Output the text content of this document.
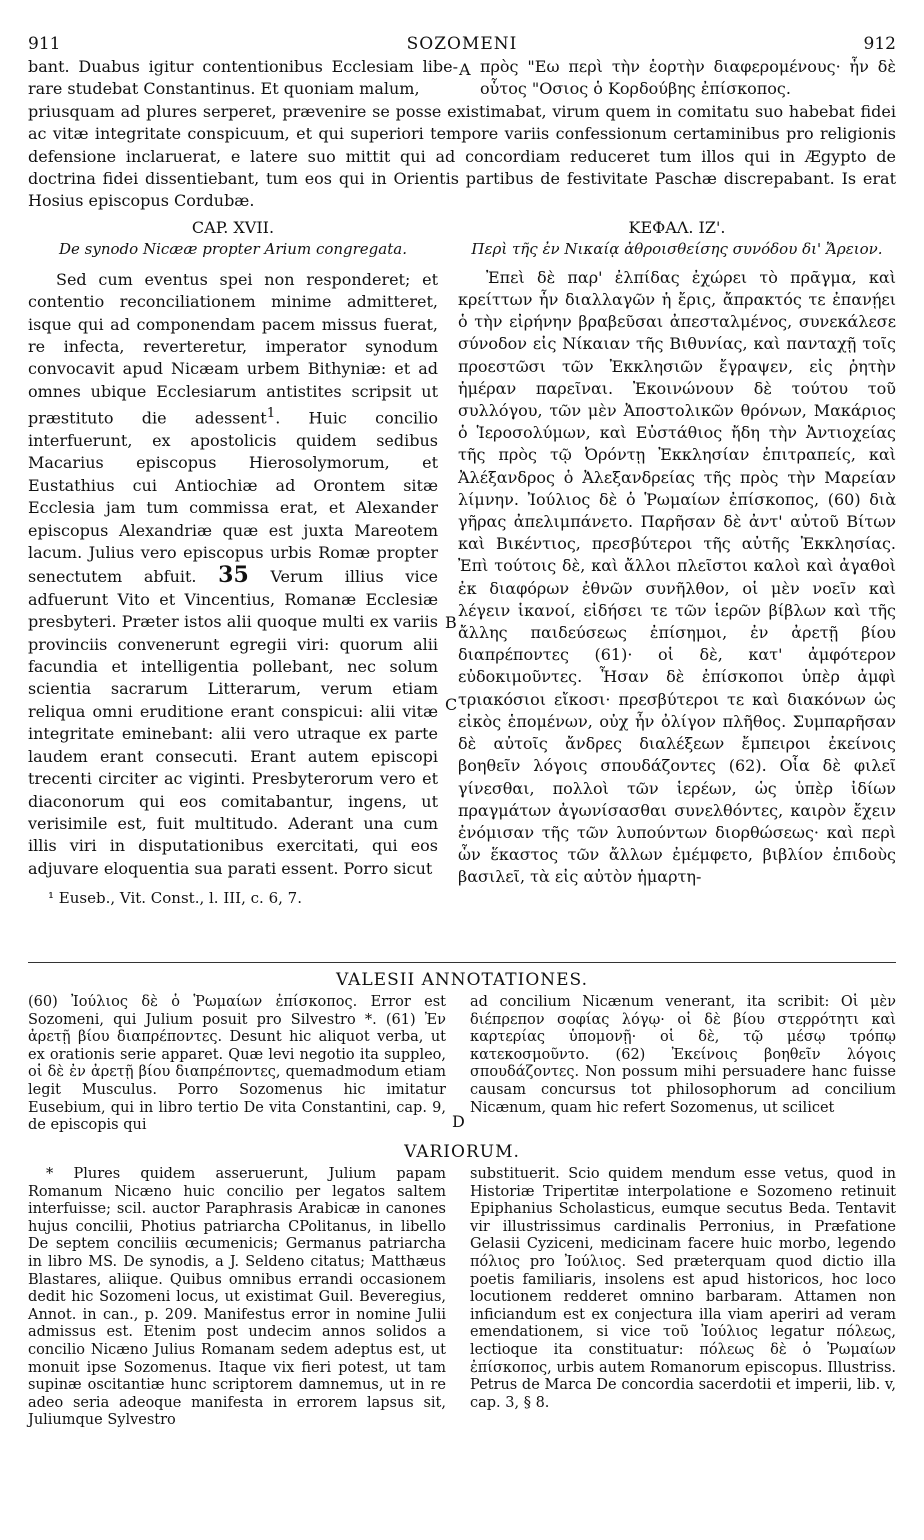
911	SOZOMENI	912

bant. Duabus igitur contentionibus Ecclesiam libe-rare studebat Constantinus. Et quoniam malum,

A πρὸς "Εω περὶ τὴν ἑορτὴν διαφερομένους· ἦν δὲ οὗτος "Οσιος ὁ Κορδούβης ἐπίσκοπος.

priusquam ad plures serperet, prævenire se posse existimabat, virum quem in comitatu suo habebat fidei ac vitæ integritate conspicuum, et qui superiori tempore variis confessionum certaminibus pro religionis defensione inclaruerat, e latere suo mittit qui ad concordiam reduceret tum illos qui in Ægypto de doctrina fidei dissentiebant, tum eos qui in Orientis partibus de festivitate Paschæ discrepabant. Is erat Hosius episcopus Cordubæ.

CAP. XVII.
De synodo Nicææ propter Arium congregata.

Sed cum eventus spei non responderet; et contentio reconciliationem minime admitteret, isque qui ad componendam pacem missus fuerat, re infecta, reverteretur, imperator synodum convocavit apud Nicæam urbem Bithyniæ: et ad omnes ubique Ecclesiarum antistites scripsit ut præstituto die adessent$^1$. Huic concilio interfuerunt, ex apostolicis quidem sedibus Macarius episcopus Hierosolymorum, et Eustathius cui Antiochiæ ad Orontem sitæ Ecclesia jam tum commissa erat, et Alexander episcopus Alexandriæ quæ est juxta Mareotem lacum. Julius vero episcopus urbis Romæ propter senectutem abfuit. 35 Verum illius vice adfuerunt Vito et Vincentius, Romanæ Ecclesiæ presbyteri. Præter istos alii quoque multi ex variis provinciis convenerunt egregii viri: quorum alii facundia et intelligentia pollebant, nec solum scientia sacrarum Litterarum, verum etiam reliqua omni eruditione erant conspicui: alii vitæ integritate eminebant: alii vero utraque ex parte laudem erant consecuti. Erant autem episcopi trecenti circiter ac viginti. Presbyterorum vero et diaconorum qui eos comitabantur, ingens, ut verisimile est, fuit multitudo. Aderant una cum illis viri in disputationibus exercitati, qui eos adjuvare eloquentia sua parati essent. Porro sicut

¹ Euseb., Vit. Const., l. III, c. 6, 7.

B
C
ΚΕΦΑΛ. ΙΖ'.
Περὶ τῆς ἐν Νικαίᾳ ἀθροισθείσης συνόδου δι' Ἄρειον.

Ἐπεὶ δὲ παρ' ἐλπίδας ἐχώρει τὸ πρᾶγμα, καὶ κρείττων ἦν διαλλαγῶν ἡ ἔρις, ἄπρακτός τε ἐπανῄει ὁ τὴν εἰρήνην βραβεῦσαι ἀπεσταλμένος, συνεκάλεσε σύνοδον εἰς Νίκαιαν τῆς Βιθυνίας, καὶ πανταχῇ τοῖς προεστῶσι τῶν Ἐκκλησιῶν ἔγραψεν, εἰς ῥητὴν ἡμέραν παρεῖναι. Ἐκοινώνουν δὲ τούτου τοῦ συλλόγου, τῶν μὲν Ἀποστολικῶν θρόνων, Μακάριος ὁ Ἱεροσολύμων, καὶ Εὐστάθιος ἤδη τὴν Ἀντιοχείας τῆς πρὸς τῷ Ὀρόντῃ Ἐκκλησίαν ἐπιτραπείς, καὶ Ἀλέξανδρος ὁ Ἀλεξανδρείας τῆς πρὸς τὴν Μαρείαν λίμνην. Ἰούλιος δὲ ὁ Ῥωμαίων ἐπίσκοπος, (60) διὰ γῆρας ἀπελιμπάνετο. Παρῆσαν δὲ ἀντ' αὐτοῦ Βίτων καὶ Βικέντιος, πρεσβύτεροι τῆς αὐτῆς Ἐκκλησίας. Ἐπὶ τούτοις δὲ, καὶ ἄλλοι πλεῖστοι καλοὶ καὶ ἀγαθοὶ ἐκ διαφόρων ἐθνῶν συνῆλθον, οἱ μὲν νοεῖν καὶ λέγειν ἱκανοί, εἰδήσει τε τῶν ἱερῶν βίβλων καὶ τῆς ἄλλης παιδεύσεως ἐπίσημοι, ἐν ἀρετῇ βίου διαπρέποντες (61)· οἱ δὲ, κατ' ἀμφότερον εὐδοκιμοῦντες. Ἦσαν δὲ ἐπίσκοποι ὑπὲρ ἀμφὶ τριακόσιοι εἴκοσι· πρεσβύτεροι τε καὶ διακόνων ὡς εἰκὸς ἑπομένων, οὐχ ἦν ὀλίγον πλῆθος. Συμπαρῆσαν δὲ αὐτοῖς ἄνδρες διαλέξεων ἔμπειροι ἐκείνοις βοηθεῖν λόγοις σπουδάζοντες (62). Οἷα δὲ φιλεῖ γίνεσθαι, πολλοὶ τῶν ἱερέων, ὡς ὑπὲρ ἰδίων πραγμάτων ἀγωνίσασθαι συνελθόντες, καιρὸν ἔχειν ἐνόμισαν τῆς τῶν λυπούντων διορθώσεως· καὶ περὶ ὧν ἕκαστος τῶν ἄλλων ἐμέμφετο, βιβλίον ἐπιδοὺς βασιλεῖ, τὰ εἰς αὐτὸν ἡμαρτη-

VALESII ANNOTATIONES.

(60) Ἰούλιος δὲ ὁ Ῥωμαίων ἐπίσκοπος. Error est Sozomeni, qui Julium posuit pro Silvestro *. (61) Ἐν ἀρετῇ βίου διαπρέποντες. Desunt hic aliquot verba, ut ex orationis serie apparet. Quæ levi negotio ita suppleo, οἱ δὲ ἐν ἀρετῇ βίου διαπρέποντες, quemadmodum etiam legit Musculus. Porro Sozomenus hic imitatur Eusebium, qui in libro tertio De vita Constantini, cap. 9, de episcopis qui	D

ad concilium Nicænum venerant, ita scribit: Οἱ μὲν διέπρεπον σοφίας λόγῳ· οἱ δὲ βίου στερρότητι καὶ καρτερίας ὑπομονῇ· οἱ δὲ, τῷ μέσῳ τρόπῳ κατεκοσμοῦντο. (62) Ἐκείνοις βοηθεῖν λόγοις σπουδάζοντες. Non possum mihi persuadere hanc fuisse causam concursus tot philosophorum ad concilium Nicænum, quam hic refert Sozomenus, ut scilicet

VARIORUM.

* Plures quidem asseruerunt, Julium papam Romanum Nicæno huic concilio per legatos saltem interfuisse; scil. auctor Paraphrasis Arabicæ in canones hujus concilii, Photius patriarcha CPolitanus, in libello De septem conciliis œcumenicis; Germanus patriarcha in libro MS. De synodis, a J. Seldeno citatus; Matthæus Blastares, aliique. Quibus omnibus errandi occasionem dedit hic Sozomeni locus, ut existimat Guil. Beveregius, Annot. in can., p. 209. Manifestus error in nomine Julii admissus est. Etenim post undecim annos solidos a concilio Nicæno Julius Romanam sedem adeptus est, ut monuit ipse Sozomenus. Itaque vix fieri potest, ut tam supinæ oscitantiæ hunc scriptorem damnemus, ut in re adeo seria adeoque manifesta in errorem lapsus sit, Juliumque Sylvestro

substituerit. Scio quidem mendum esse vetus, quod in Historiæ Tripertitæ interpolatione e Sozomeno retinuit Epiphanius Scholasticus, eumque secutus Beda. Tentavit vir illustrissimus cardinalis Perronius, in Præfatione Gelasii Cyziceni, medicinam facere huic morbo, legendo πόλιος pro Ἰούλιος. Sed præterquam quod dictio illa poetis familiaris, insolens est apud historicos, hoc loco locutionem redderet omnino barbaram. Attamen non inficiandum est ex conjectura illa viam aperiri ad veram emendationem, si vice τοῦ Ἰούλιος legatur πόλεως, lectioque ita constituatur: πόλεως δὲ ὁ Ῥωμαίων ἐπίσκοπος, urbis autem Romanorum episcopus. Illustriss. Petrus de Marca De concordia sacerdotii et imperii, lib. v, cap. 3, § 8.
